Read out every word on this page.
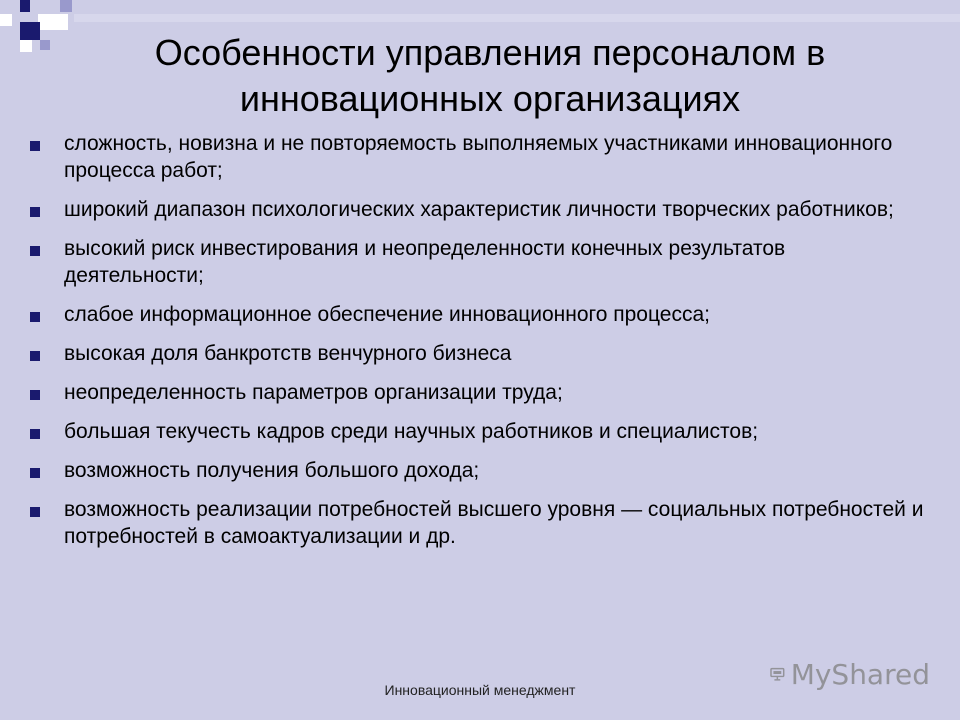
Особенности управления персоналом в инновационных организациях
сложность, новизна и не повторяемость выполняемых участниками инновационного процесса работ;
широкий диапазон психологических характеристик личности творческих работников;
высокий риск инвестирования и неопределенности конечных результатов деятельности;
слабое информационное обеспечение инновационного процесса;
высокая доля банкротств венчурного бизнеса
неопределенность параметров организации труда;
большая текучесть кадров среди научных работников и специалистов;
возможность получения большого дохода;
возможность реализации потребностей высшего уровня — социальных потребностей и потребностей в самоактуализации и др.
MyShared
Инновационный менеджмент
